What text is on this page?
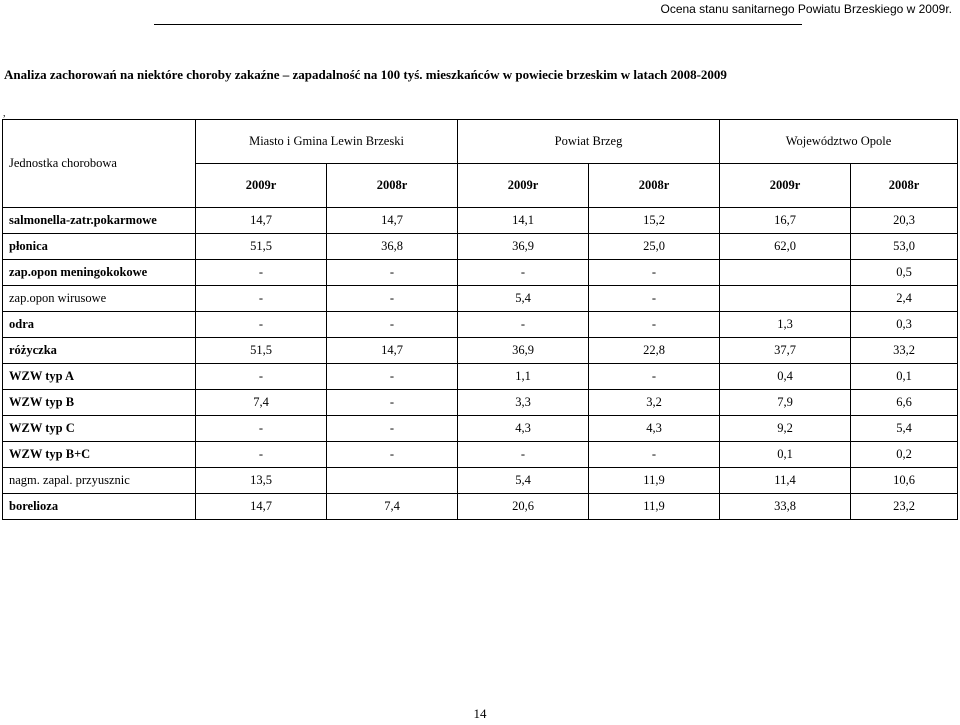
Ocena stanu sanitarnego Powiatu Brzeskiego w 2009r.
Analiza zachorowań na niektóre choroby zakaźne – zapadalność na 100 tyś. mieszkańców w powiecie brzeskim w latach 2008-2009
,
Jednostka chorobowa	Miasto i Gmina Lewin Brzeski		Powiat Brzeg		Województwo Opole	
	2009r	2008r	2009r	2008r	2009r	2008r
salmonella-zatr.pokarmowe	14,7	14,7	14,1	15,2	16,7	20,3
płonica	51,5	36,8	36,9	25,0	62,0	53,0
zap.opon meningokokowe	-	-	-	-		0,5
zap.opon wirusowe	-	-	5,4	-		2,4
odra	-	-	-	-	1,3	0,3
różyczka	51,5	14,7	36,9	22,8	37,7	33,2
WZW typ A	-	-	1,1	-	0,4	0,1
WZW typ B	7,4	-	3,3	3,2	7,9	6,6
WZW typ C	-	-	4,3	4,3	9,2	5,4
WZW typ B+C	-	-	-	-	0,1	0,2
nagm. zapal. przyusznic	13,5		5,4	11,9	11,4	10,6
borelioza	14,7	7,4	20,6	11,9	33,8	23,2
14
